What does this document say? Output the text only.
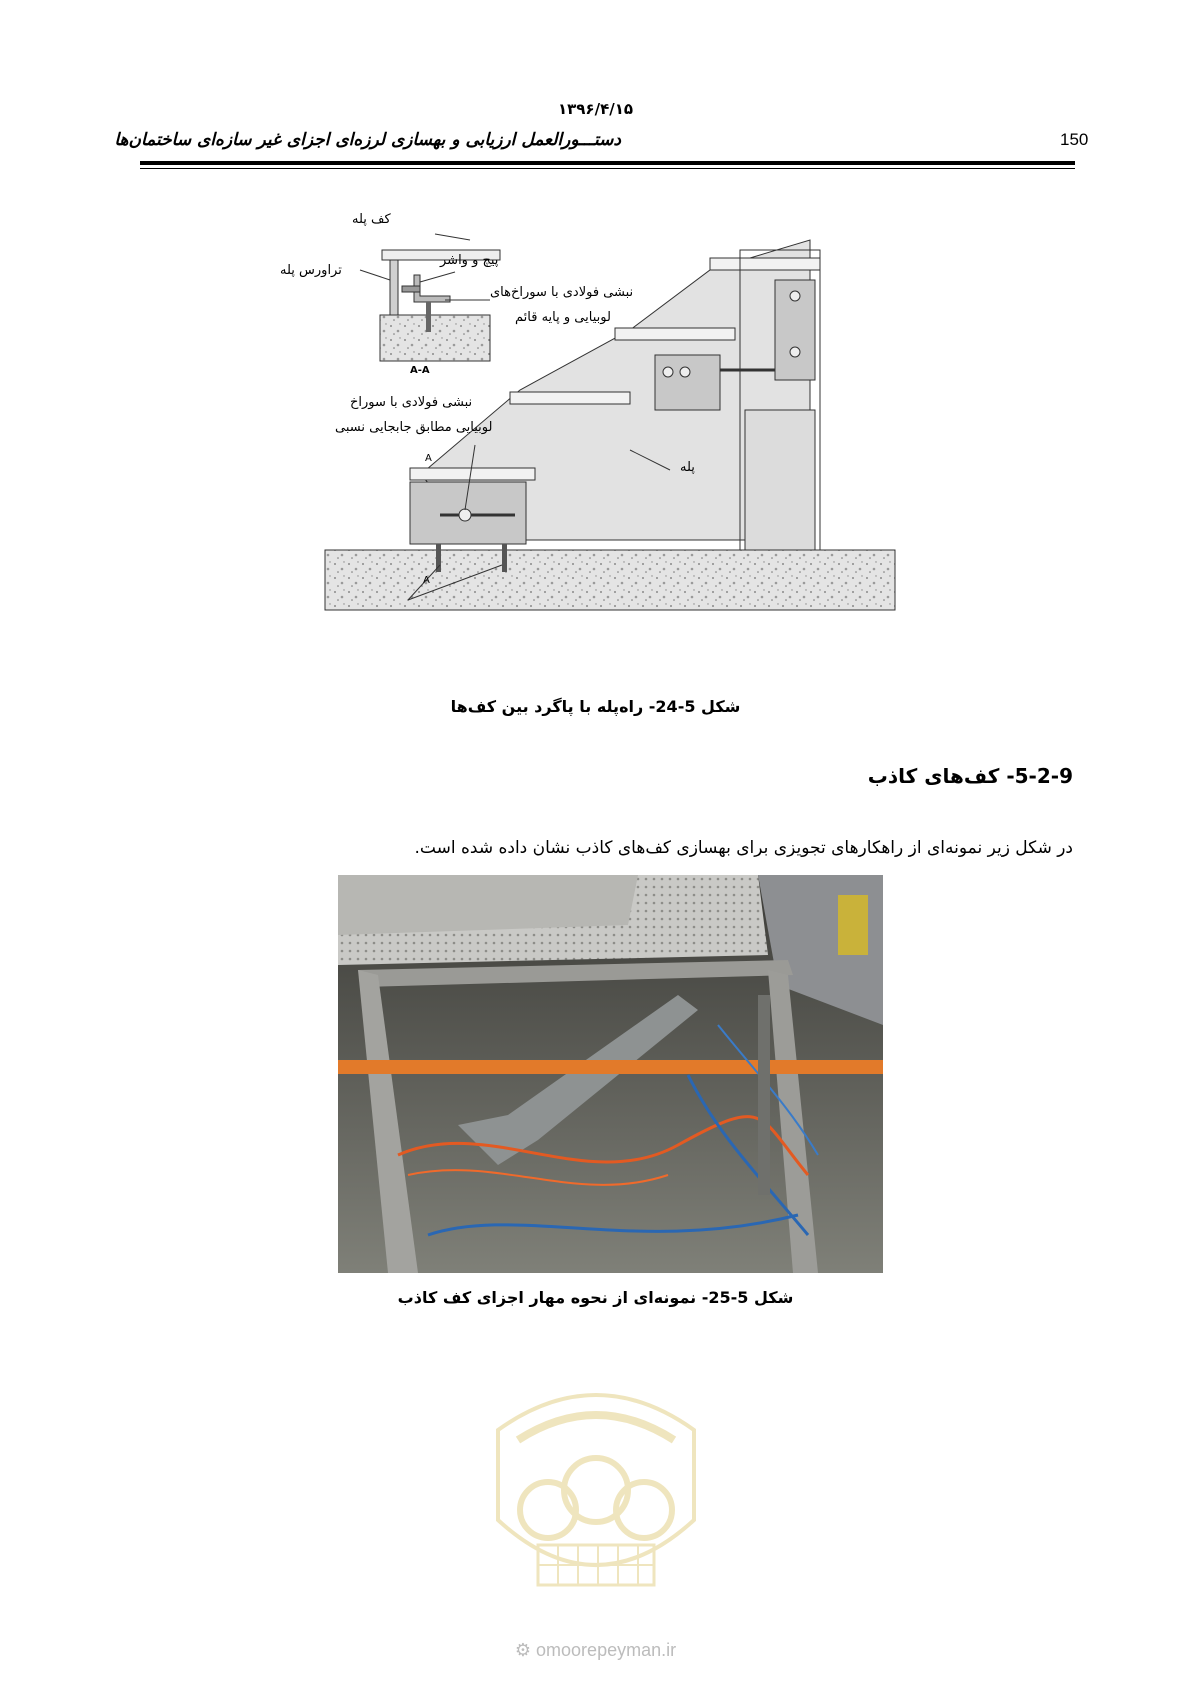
۱۳۹۶/۴/۱۵
دستـــورالعمل ارزیابی و بهسازی لرزه‌ای اجزای غیر سازه‌ای ساختمان‌ها	150
کف پله
پیچ و واشر
تراورس پله
نبشی فولادی با سوراخ‌های
لوبیایی و پایه قائم
A-A
نبشی فولادی با سوراخ
لوبیایی مطابق جابجایی نسبی
A
پله
A
شکل 5-24- راه‌پله با پاگرد بین کف‌ها
5-2-9- کف‌های کاذب
در شکل زیر نمونه‌ای از راهکارهای تجویزی برای بهسازی کف‌های کاذب نشان داده شده است.
شکل 5-25- نمونه‌ای از نحوه مهار اجزای کف کاذب
⚙ omoorepeyman.ir
